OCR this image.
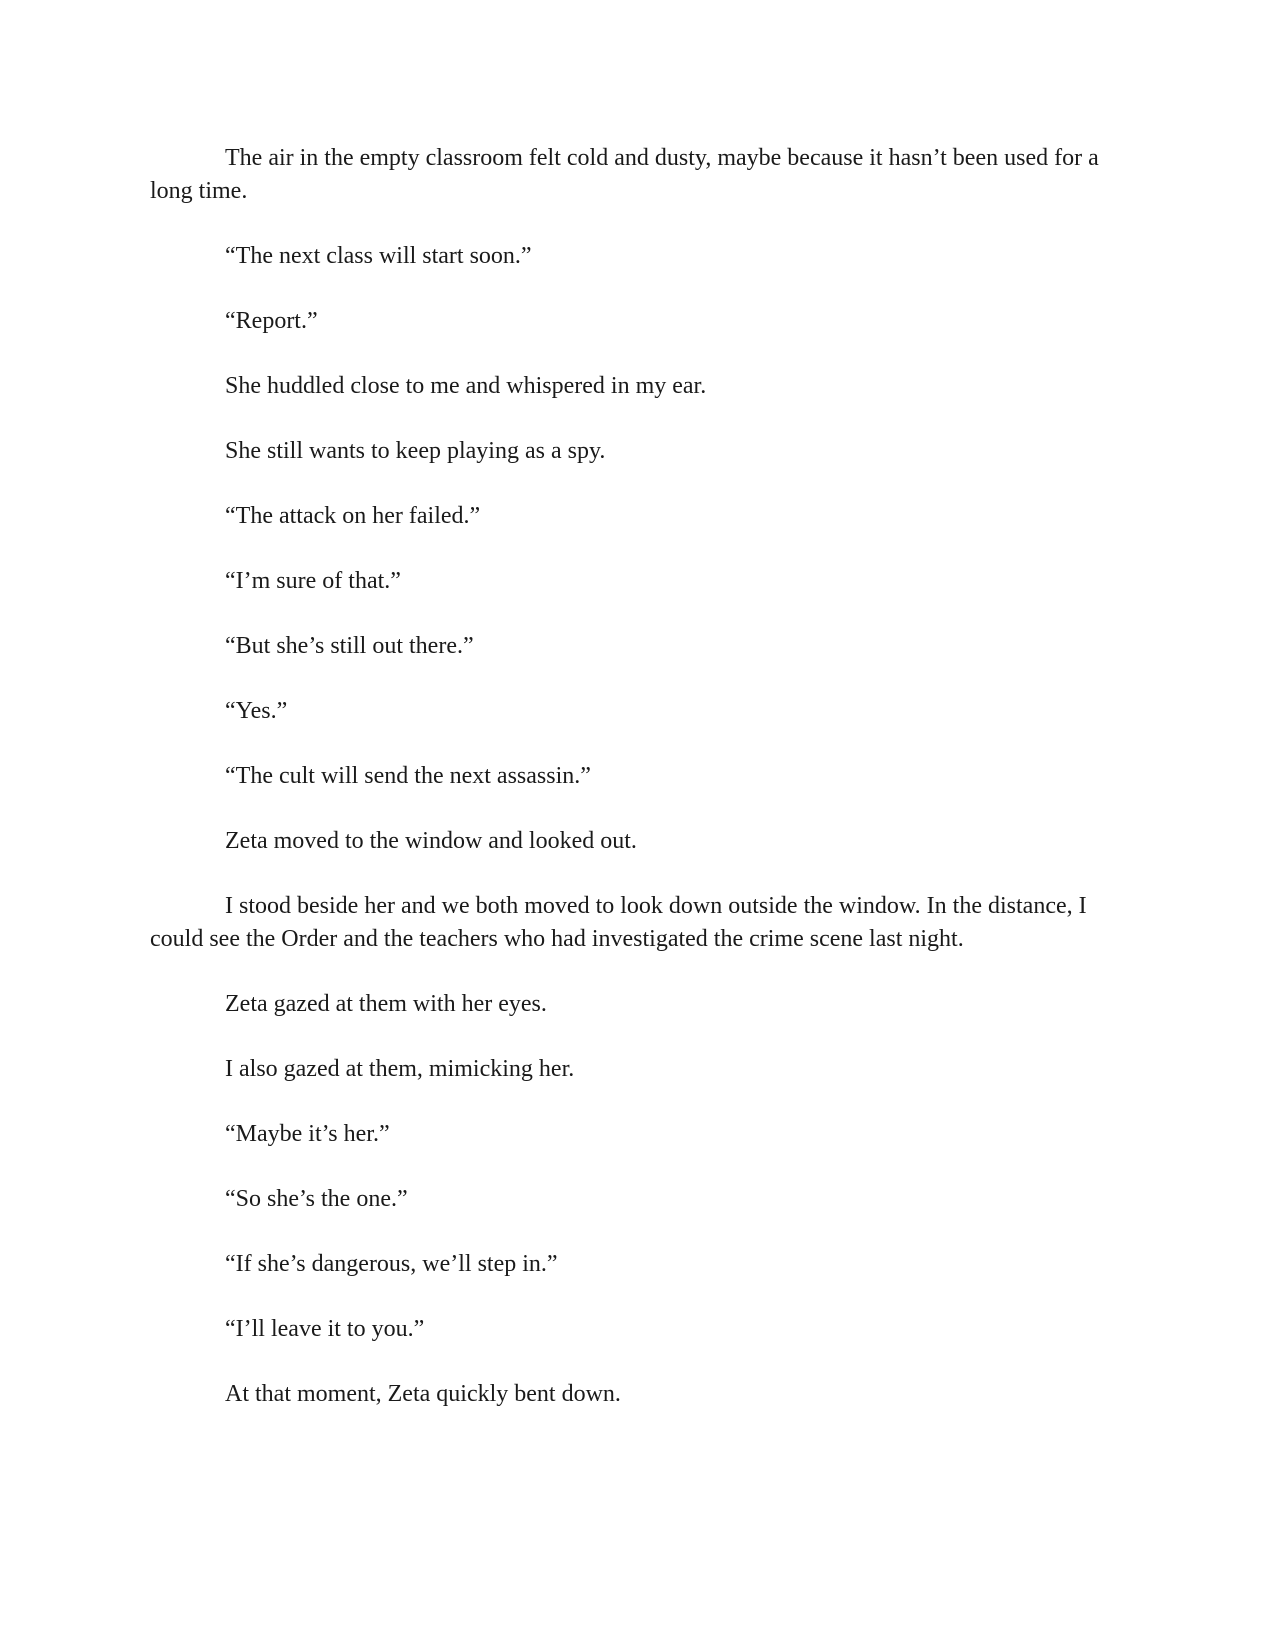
The air in the empty classroom felt cold and dusty, maybe because it hasn’t been used for a long time.

“The next class will start soon.”

“Report.”

She huddled close to me and whispered in my ear.

She still wants to keep playing as a spy.

“The attack on her failed.”

“I’m sure of that.”

“But she’s still out there.”

“Yes.”

“The cult will send the next assassin.”

Zeta moved to the window and looked out.

I stood beside her and we both moved to look down outside the window. In the distance, I could see the Order and the teachers who had investigated the crime scene last night.

Zeta gazed at them with her eyes.

I also gazed at them, mimicking her.

“Maybe it’s her.”

“So she’s the one.”

“If she’s dangerous, we’ll step in.”

“I’ll leave it to you.”

At that moment, Zeta quickly bent down.
